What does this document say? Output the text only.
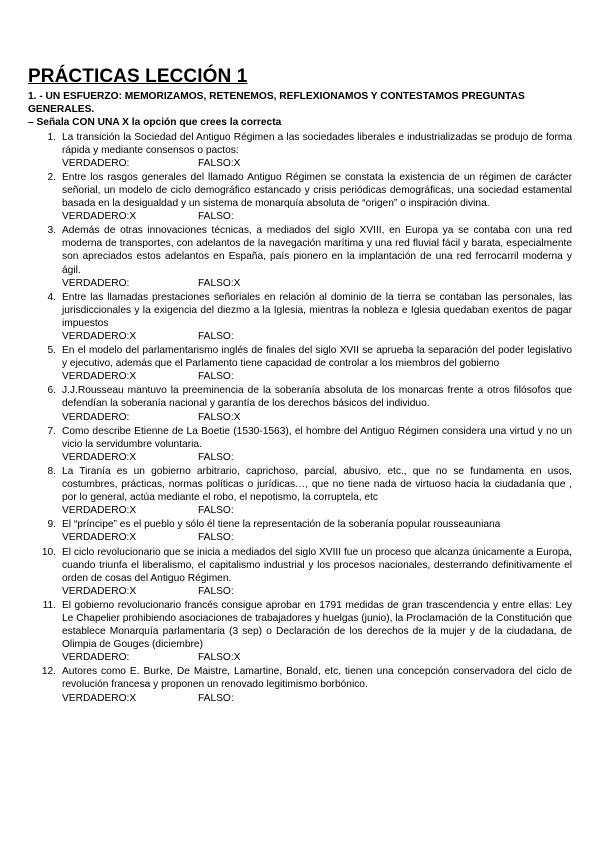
PRÁCTICAS LECCIÓN 1

1. - UN ESFUERZO: MEMORIZAMOS, RETENEMOS, REFLEXIONAMOS Y CONTESTAMOS PREGUNTAS GENERALES.

– Señala CON UNA X la opción que crees la correcta

1. La transición la Sociedad del Antiguo Régimen a las sociedades liberales e industrializadas se produjo de forma rápida y mediante consensos o pactos:
VERDADERO:	FALSO:X
2. Entre los rasgos generales del llamado Antiguo Régimen se constata la existencia de un régimen de carácter señorial, un modelo de ciclo demográfico estancado y crisis periódicas demográficas, una sociedad estamental basada en la desigualdad y un sistema de monarquía absoluta de “origen” o inspiración divina.
VERDADERO:X	FALSO:
3. Además de otras innovaciones técnicas, a mediados del siglo XVIII, en Europa ya se contaba con una red moderna de transportes, con adelantos de la navegación marítima y una red fluvial fácil y barata, especialmente son apreciados estos adelantos en España, país pionero en la implantación de una red ferrocarril moderna y ágil.
VERDADERO:	FALSO:X
4. Entre las llamadas prestaciones señoriales en relación al dominio de la tierra se contaban las personales, las jurisdiccionales y la exigencia del diezmo a la Iglesia, mientras la nobleza e Iglesia quedaban exentos de pagar impuestos
VERDADERO:X	FALSO:
5. En el modelo del parlamentarismo inglés de finales del siglo XVII se aprueba la separación del poder legislativo y ejecutivo, además que el Parlamento tiene capacidad de controlar a los miembros del gobierno
VERDADERO:X	FALSO:
6. J.J.Rousseau mantuvo la preeminencia de la soberanía absoluta de los monarcas frente a otros filósofos que defendían la soberanía nacional y garantía de los derechos básicos del individuo.
VERDADERO:	FALSO:X
7. Como describe Etienne de La Boetie (1530-1563), el hombre del Antiguo Régimen considera una virtud y no un vicio la servidumbre voluntaria.
VERDADERO:X	FALSO:
8. La Tiranía es un gobierno arbitrario, caprichoso, parcial, abusivo, etc., que no se fundamenta en usos, costumbres, prácticas, normas políticas o jurídicas…, que no tiene nada de virtuoso hacia la ciudadanía que , por lo general, actúa mediante el robo, el nepotismo, la corruptela, etc
VERDADERO:X	FALSO:
9. El “príncipe” es el pueblo y sólo él tiene la representación de la soberanía popular rousseauniana
VERDADERO:X	FALSO:
10. El ciclo revolucionario que se inicia a mediados del siglo XVIII fue un proceso que alcanza únicamente a Europa, cuando triunfa el liberalismo, el capitalismo industrial y los procesos nacionales, desterrando definitivamente el orden de cosas del Antiguo Régimen.
VERDADERO:X	FALSO:
11. El gobierno revolucionario francés consigue aprobar en 1791 medidas de gran trascendencia y entre ellas: Ley Le Chapelier prohibiendo asociaciones de trabajadores y huelgas (junio), la Proclamación de la Constitución que establece Monarquía parlamentaria (3 sep) o Declaración de los derechos de la mujer y de la ciudadana, de Olimpia de Gouges (diciembre)
VERDADERO:	FALSO:X
12. Autores como E. Burke, De Maistre, Lamartine, Bonald, etc, tienen una concepción conservadora del ciclo de revolución francesa y proponen un renovado legitimismo borbónico.
VERDADERO:X	FALSO:
